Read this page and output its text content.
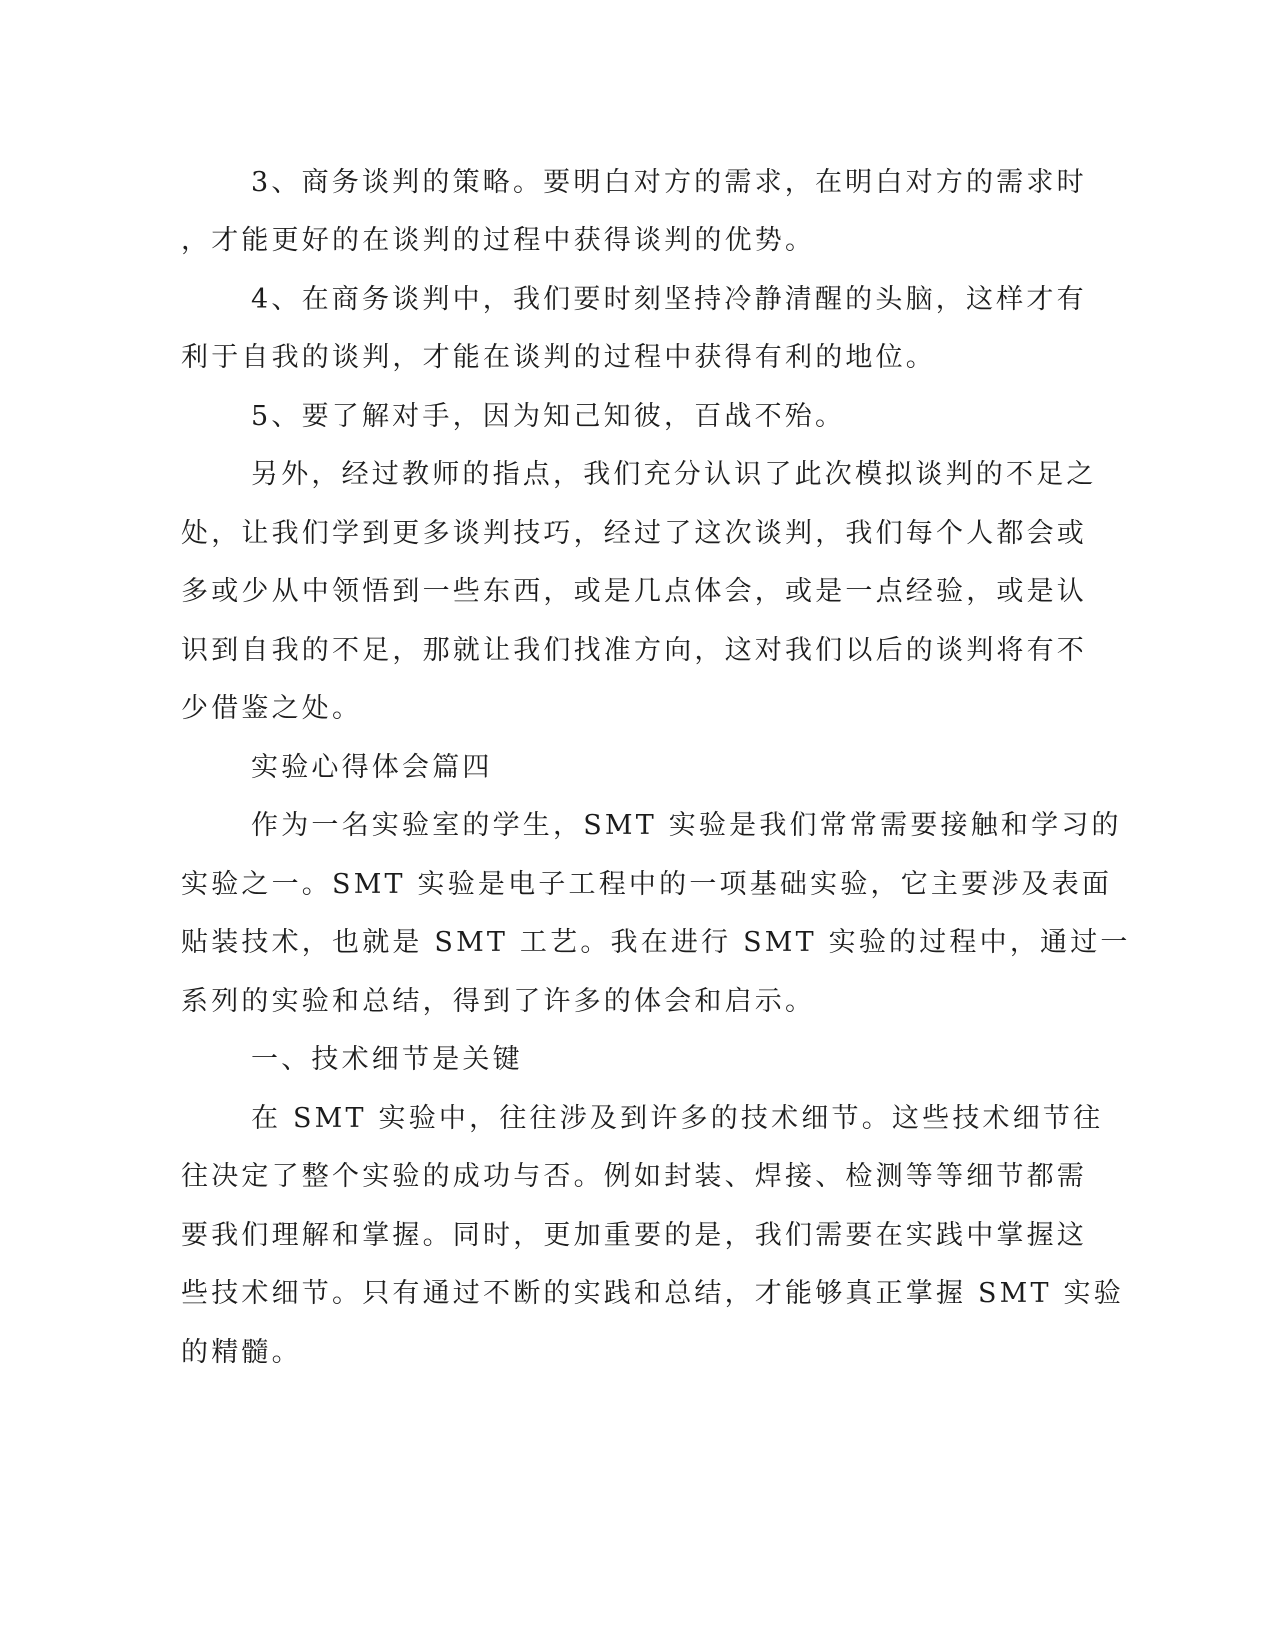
3、商务谈判的策略。要明白对方的需求，在明白对方的需求时
，才能更好的在谈判的过程中获得谈判的优势。
4、在商务谈判中，我们要时刻坚持冷静清醒的头脑，这样才有
利于自我的谈判，才能在谈判的过程中获得有利的地位。
5、要了解对手，因为知己知彼，百战不殆。
另外，经过教师的指点，我们充分认识了此次模拟谈判的不足之
处，让我们学到更多谈判技巧，经过了这次谈判，我们每个人都会或
多或少从中领悟到一些东西，或是几点体会，或是一点经验，或是认
识到自我的不足，那就让我们找准方向，这对我们以后的谈判将有不
少借鉴之处。
实验心得体会篇四
作为一名实验室的学生，SMT 实验是我们常常需要接触和学习的
实验之一。SMT 实验是电子工程中的一项基础实验，它主要涉及表面
贴装技术，也就是 SMT 工艺。我在进行 SMT 实验的过程中，通过一
系列的实验和总结，得到了许多的体会和启示。
一、技术细节是关键
在 SMT 实验中，往往涉及到许多的技术细节。这些技术细节往
往决定了整个实验的成功与否。例如封装、焊接、检测等等细节都需
要我们理解和掌握。同时，更加重要的是，我们需要在实践中掌握这
些技术细节。只有通过不断的实践和总结，才能够真正掌握 SMT 实验
的精髓。
